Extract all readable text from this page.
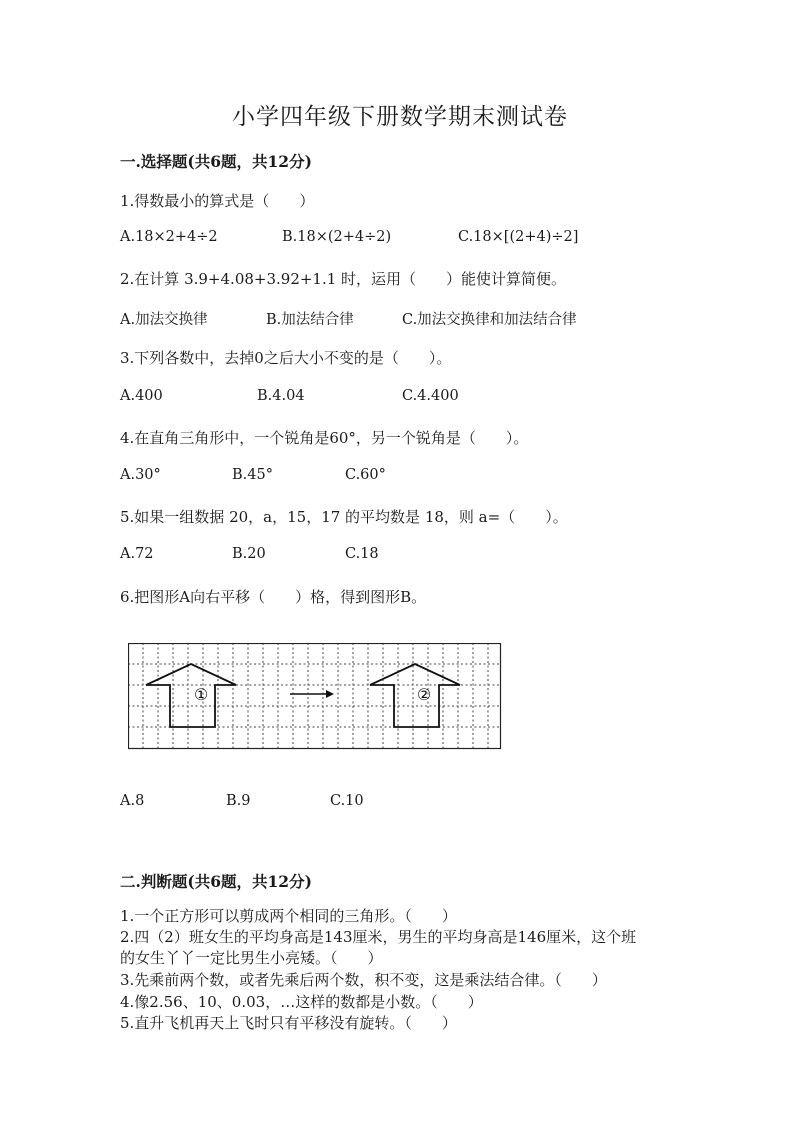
小学四年级下册数学期末测试卷
一.选择题(共6题，共12分)
1.得数最小的算式是（　　）
A.18×2+4÷2	B.18×(2+4÷2)	C.18×[(2+4)÷2]
2.在计算 3.9+4.08+3.92+1.1 时，运用（　　）能使计算简便。
A.加法交换律	B.加法结合律	C.加法交换律和加法结合律
3.下列各数中，去掉0之后大小不变的是（　　）。
A.400	B.4.04	C.4.400
4.在直角三角形中，一个锐角是60°，另一个锐角是（　　）。
A.30°	B.45°	C.60°
5.如果一组数据 20，a，15，17 的平均数是 18，则 a=（　　）。
A.72	B.20	C.18
6.把图形A向右平移（　　）格，得到图形B。
①	②
A.8	B.9	C.10
二.判断题(共6题，共12分)
1.一个正方形可以剪成两个相同的三角形。（　　）
2.四（2）班女生的平均身高是143厘米，男生的平均身高是146厘米，这个班
的女生丫丫一定比男生小亮矮。（　　）
3.先乘前两个数，或者先乘后两个数，积不变，这是乘法结合律。（　　）
4.像2.56、10、0.03，…这样的数都是小数。（　　）
5.直升飞机再天上飞时只有平移没有旋转。（　　）
